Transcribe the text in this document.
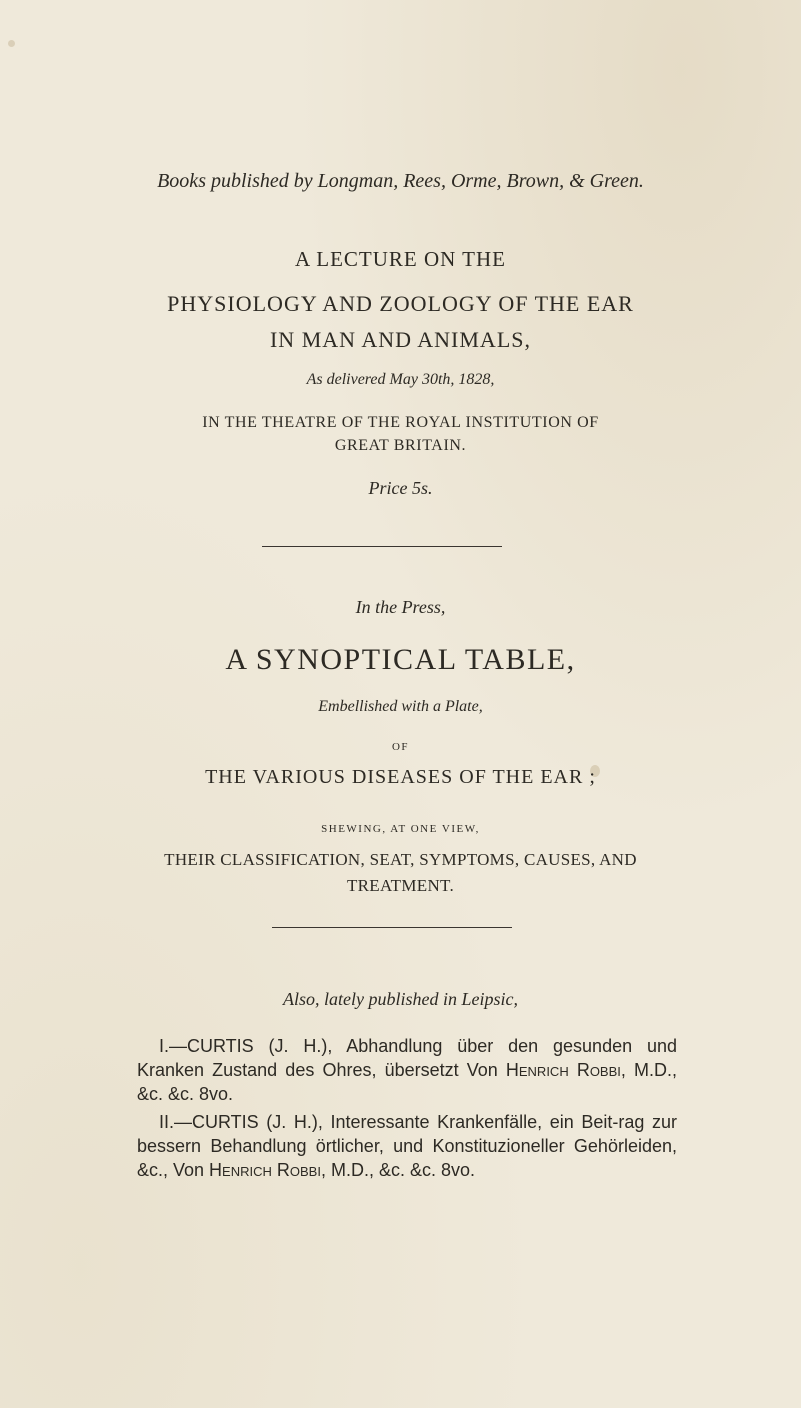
Books published by Longman, Rees, Orme, Brown, & Green.
A LECTURE ON THE
PHYSIOLOGY AND ZOOLOGY OF THE EAR
IN MAN AND ANIMALS,
As delivered May 30th, 1828,
IN THE THEATRE OF THE ROYAL INSTITUTION OF
GREAT BRITAIN.
Price 5s.
In the Press,
A SYNOPTICAL TABLE,
Embellished with a Plate,
OF
THE VARIOUS DISEASES OF THE EAR ;
SHEWING, AT ONE VIEW,
THEIR CLASSIFICATION, SEAT, SYMPTOMS, CAUSES, AND
TREATMENT.
Also, lately published in Leipsic,

I.—CURTIS (J. H.), Abhandlung über den gesunden und Kranken Zustand des Ohres, übersetzt Von Henrich Robbi, M.D., &c. &c. 8vo.

II.—CURTIS (J. H.), Interessante Krankenfälle, ein Beit-rag zur bessern Behandlung örtlicher, und Konstituzioneller Gehörleiden, &c., Von Henrich Robbi, M.D., &c. &c. 8vo.
